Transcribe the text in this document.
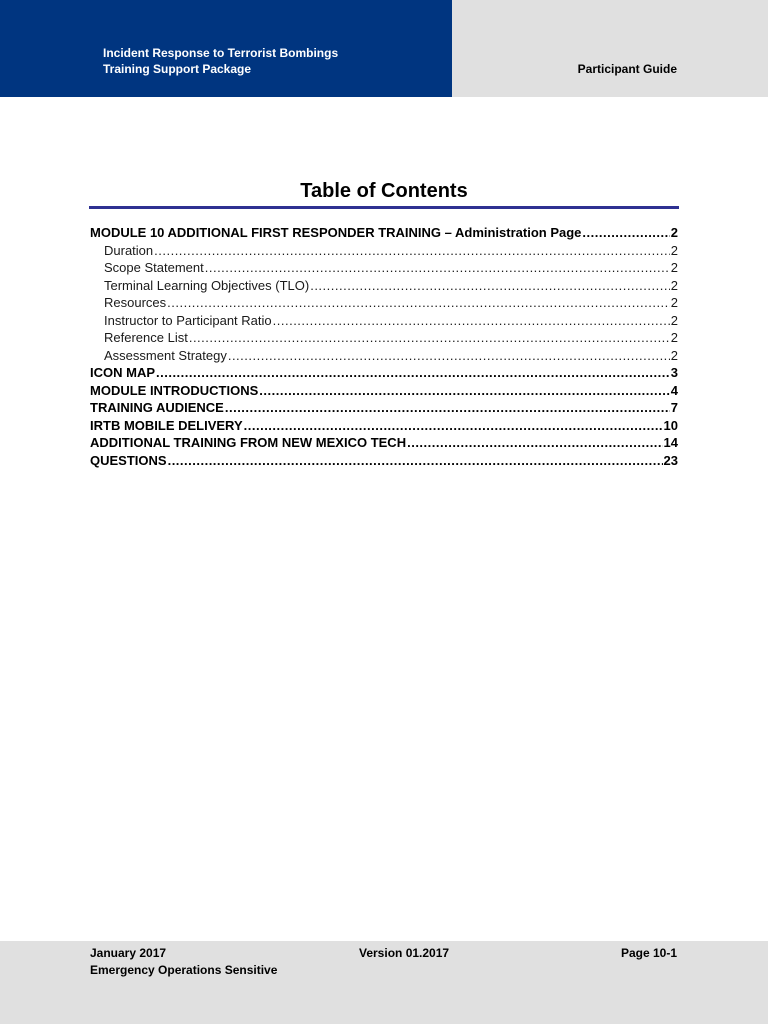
Incident Response to Terrorist Bombings
Training Support Package	Participant Guide
Table of Contents
MODULE 10 ADDITIONAL FIRST RESPONDER TRAINING – Administration Page .....	2
Duration .....	2
Scope Statement .....	2
Terminal Learning Objectives (TLO) .....	2
Resources .....	2
Instructor to Participant Ratio .....	2
Reference List .....	2
Assessment Strategy .....	2
ICON MAP .....	3
MODULE INTRODUCTIONS .....	4
TRAINING AUDIENCE .....	7
IRTB MOBILE DELIVERY .....	10
ADDITIONAL TRAINING FROM NEW MEXICO TECH .....	14
QUESTIONS .....	23
January 2017
Emergency Operations Sensitive
Version 01.2017	Page 10-1
